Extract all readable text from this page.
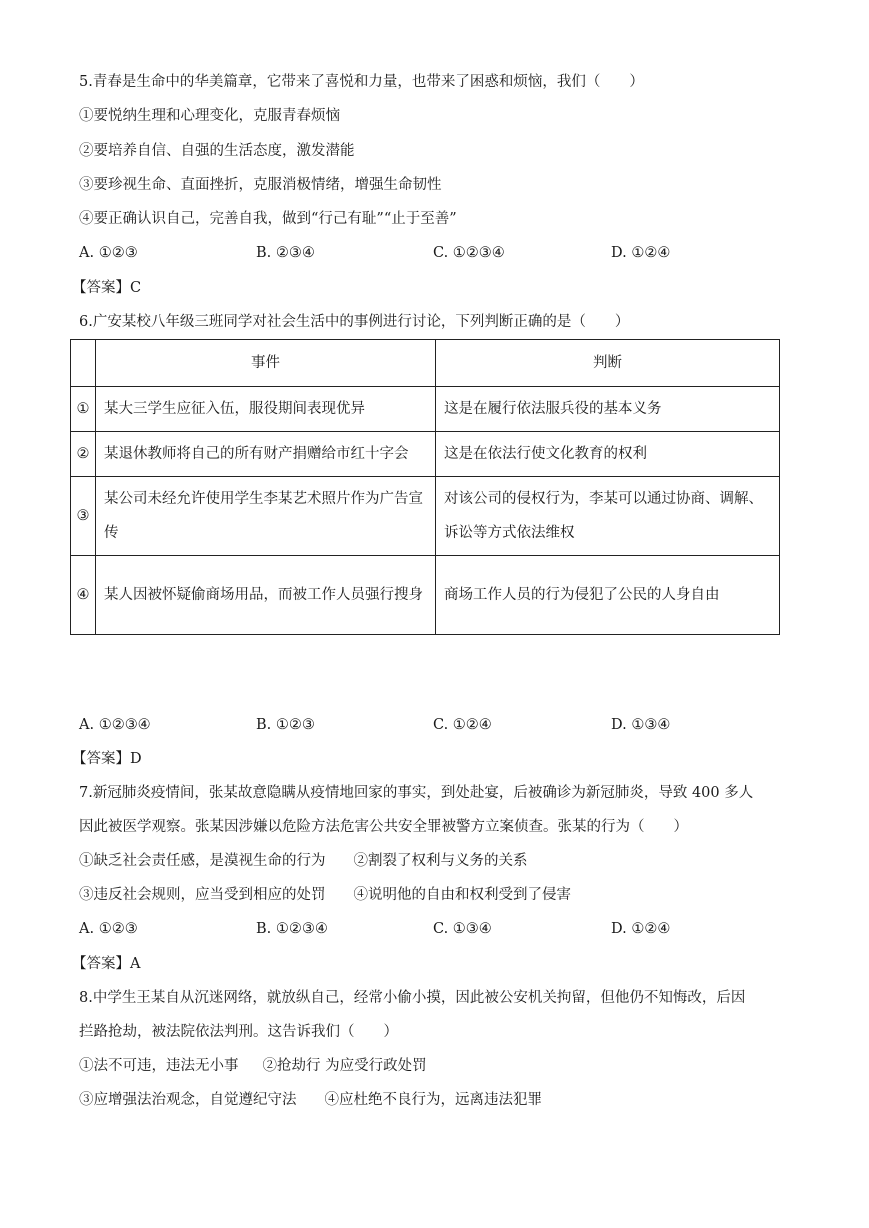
5.青春是生命中的华美篇章，它带来了喜悦和力量，也带来了困惑和烦恼，我们（　　）
①要悦纳生理和心理变化，克服青春烦恼
②要培养自信、自强的生活态度，激发潜能
③要珍视生命、直面挫折，克服消极情绪，增强生命韧性
④要正确认识自己，完善自我，做到“行己有耻”“止于至善”
A. ①②③	B. ②③④	C. ①②③④	D. ①②④
【答案】C
6.广安某校八年级三班同学对社会生活中的事例进行讨论，下列判断正确的是（　　）
	事件	判断
①	某大三学生应征入伍，服役期间表现优异	这是在履行依法服兵役的基本义务
②	某退休教师将自己的所有财产捐赠给市红十字会	这是在依法行使文化教育的权利
③	某公司未经允许使用学生李某艺术照片作为广告宣传	对该公司的侵权行为，李某可以通过协商、调解、诉讼等方式依法维权
④	某人因被怀疑偷商场用品，而被工作人员强行搜身	商场工作人员的行为侵犯了公民的人身自由
A. ①②③④	B. ①②③	C. ①②④	D. ①③④
【答案】D
7.新冠肺炎疫情间，张某故意隐瞒从疫情地回家的事实，到处赴宴，后被确诊为新冠肺炎，导致 400 多人
因此被医学观察。张某因涉嫌以危险方法危害公共安全罪被警方立案侦查。张某的行为（　　）
①缺乏社会责任感，是漠视生命的行为 ②割裂了权利与义务的关系
③违反社会规则，应当受到相应的处罚 ④说明他的自由和权利受到了侵害
A. ①②③	B. ①②③④	C. ①③④	D. ①②④
【答案】A
8.中学生王某自从沉迷网络，就放纵自己，经常小偷小摸，因此被公安机关拘留，但他仍不知悔改，后因
拦路抢劫，被法院依法判刑。这告诉我们（　　）
①法不可违，违法无小事 ②抢劫行 为应受行政处罚
③应增强法治观念，自觉遵纪守法 ④应杜绝不良行为，远离违法犯罪
